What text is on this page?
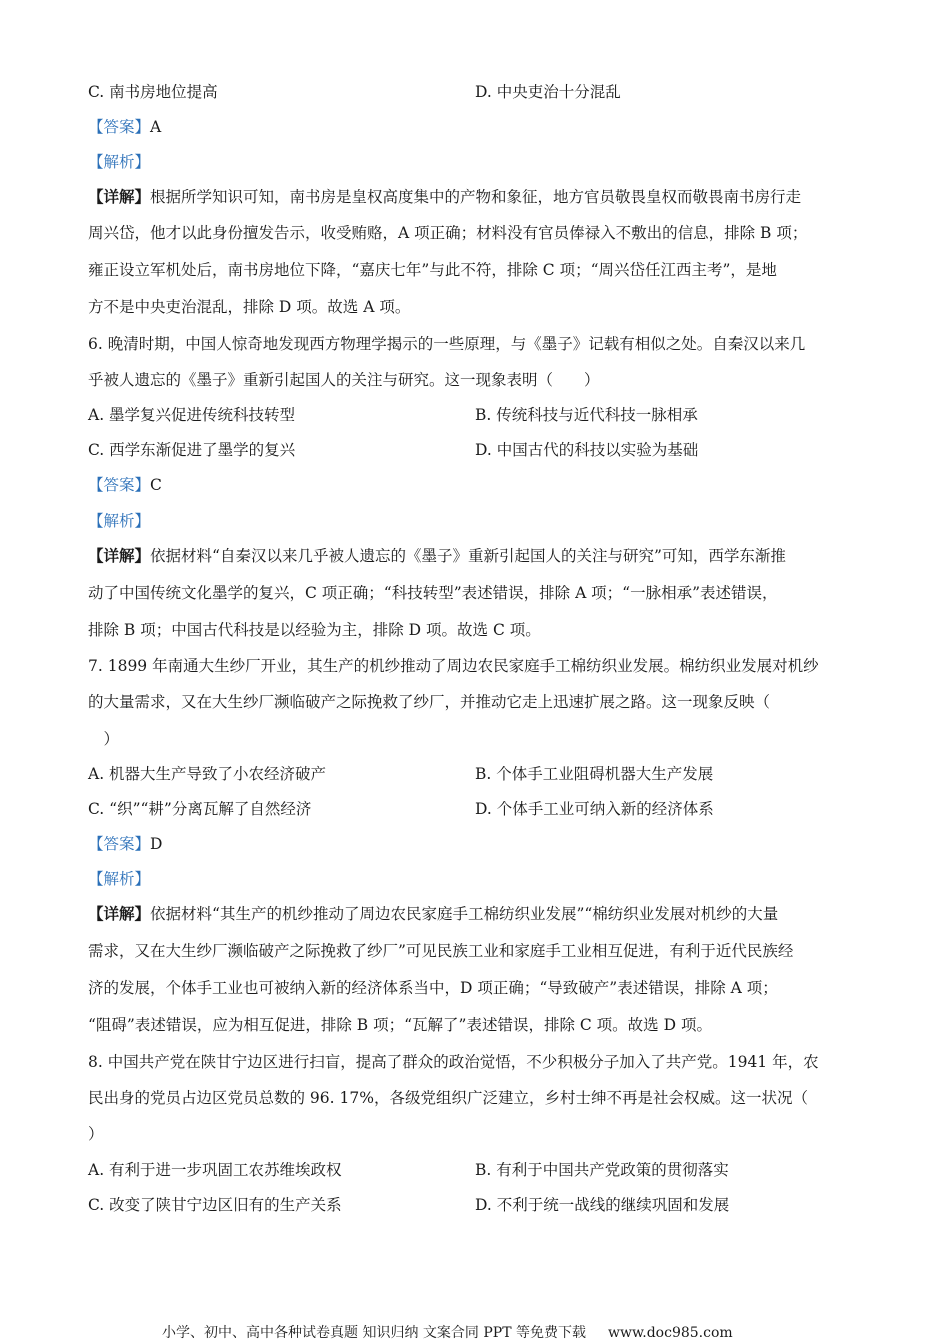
C. 南书房地位提高	D. 中央吏治十分混乱
【答案】A
【解析】
【详解】根据所学知识可知，南书房是皇权高度集中的产物和象征，地方官员敬畏皇权而敬畏南书房行走
周兴岱，他才以此身份擅发告示，收受贿赂，A 项正确；材料没有官员俸禄入不敷出的信息，排除 B 项；
雍正设立军机处后，南书房地位下降，“嘉庆七年”与此不符，排除 C 项；“周兴岱任江西主考”，是地
方不是中央吏治混乱，排除 D 项。故选 A 项。
6. 晚清时期，中国人惊奇地发现西方物理学揭示的一些原理，与《墨子》记载有相似之处。自秦汉以来几
乎被人遗忘的《墨子》重新引起国人的关注与研究。这一现象表明（　　）
A. 墨学复兴促进传统科技转型	B. 传统科技与近代科技一脉相承
C. 西学东渐促进了墨学的复兴	D. 中国古代的科技以实验为基础
【答案】C
【解析】
【详解】依据材料“自秦汉以来几乎被人遗忘的《墨子》重新引起国人的关注与研究”可知，西学东渐推
动了中国传统文化墨学的复兴，C 项正确；“科技转型”表述错误，排除 A 项；“一脉相承”表述错误，
排除 B 项；中国古代科技是以经验为主，排除 D 项。故选 C 项。
7. 1899 年南通大生纱厂开业，其生产的机纱推动了周边农民家庭手工棉纺织业发展。棉纺织业发展对机纱
的大量需求，又在大生纱厂濒临破产之际挽救了纱厂，并推动它走上迅速扩展之路。这一现象反映（
　）
A. 机器大生产导致了小农经济破产	B. 个体手工业阻碍机器大生产发展
C. “织”“耕”分离瓦解了自然经济	D. 个体手工业可纳入新的经济体系
【答案】D
【解析】
【详解】依据材料“其生产的机纱推动了周边农民家庭手工棉纺织业发展”“棉纺织业发展对机纱的大量
需求，又在大生纱厂濒临破产之际挽救了纱厂”可见民族工业和家庭手工业相互促进，有利于近代民族经
济的发展，个体手工业也可被纳入新的经济体系当中，D 项正确；“导致破产”表述错误，排除 A 项；
“阻碍”表述错误，应为相互促进，排除 B 项；“瓦解了”表述错误，排除 C 项。故选 D 项。
8. 中国共产党在陕甘宁边区进行扫盲，提高了群众的政治觉悟，不少积极分子加入了共产党。1941 年，农
民出身的党员占边区党员总数的 96. 17%，各级党组织广泛建立，乡村士绅不再是社会权威。这一状况（
）
A. 有利于进一步巩固工农苏维埃政权	B. 有利于中国共产党政策的贯彻落实
C. 改变了陕甘宁边区旧有的生产关系	D. 不利于统一战线的继续巩固和发展
小学、初中、高中各种试卷真题 知识归纳 文案合同 PPT 等免费下载 www.doc985.com
